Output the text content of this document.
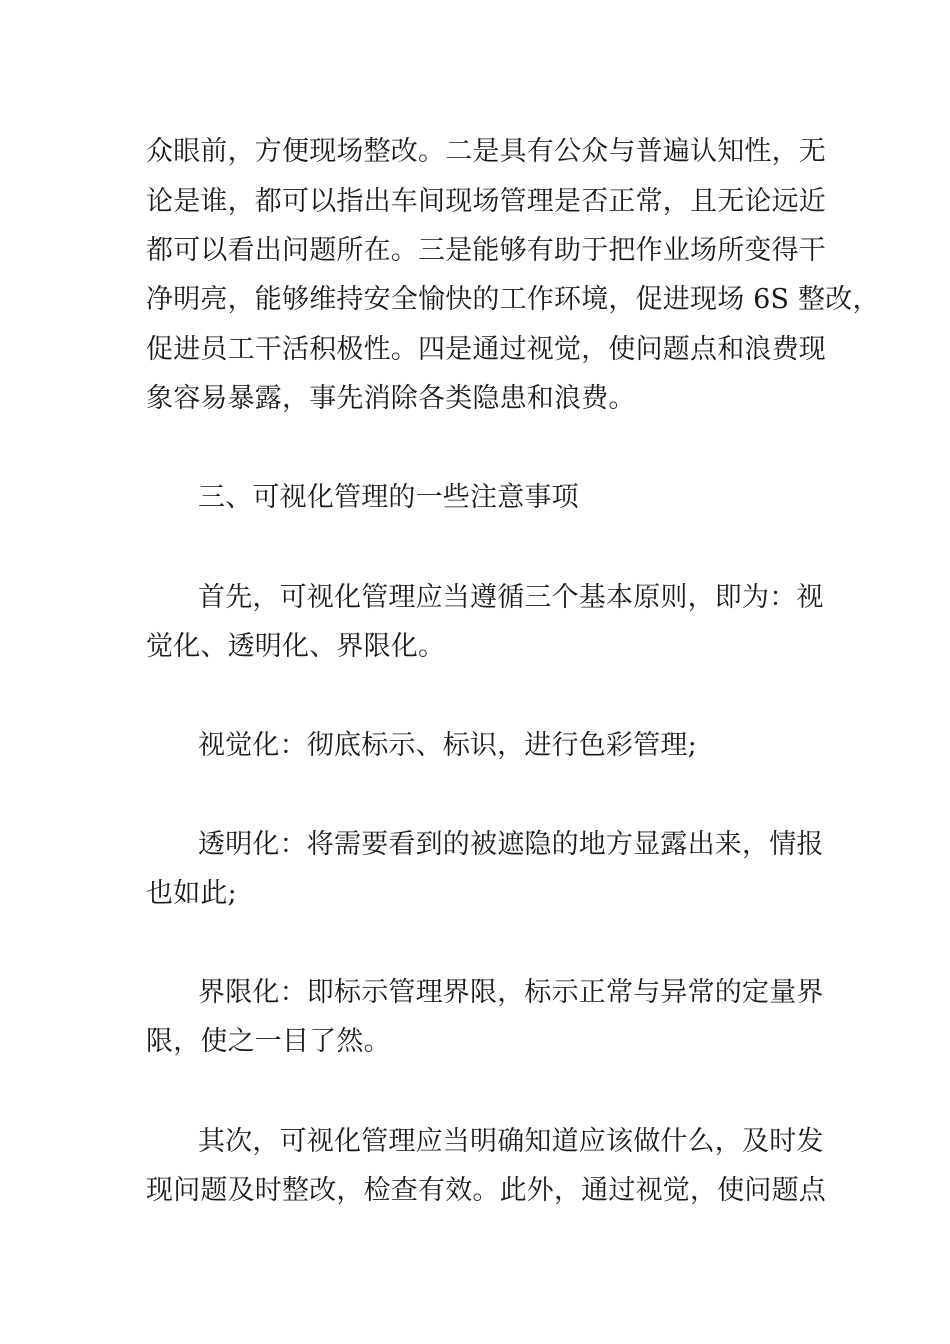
众眼前，方便现场整改。二是具有公众与普遍认知性，无

论是谁，都可以指出车间现场管理是否正常，且无论远近

都可以看出问题所在。三是能够有助于把作业场所变得干

净明亮，能够维持安全愉快的工作环境，促进现场 6S 整改，

促进员工干活积极性。四是通过视觉，使问题点和浪费现

象容易暴露，事先消除各类隐患和浪费。

三、可视化管理的一些注意事项

首先，可视化管理应当遵循三个基本原则，即为：视

觉化、透明化、界限化。

视觉化：彻底标示、标识，进行色彩管理;

透明化：将需要看到的被遮隐的地方显露出来，情报

也如此;

界限化：即标示管理界限，标示正常与异常的定量界

限，使之一目了然。

其次，可视化管理应当明确知道应该做什么，及时发

现问题及时整改，检查有效。此外，通过视觉，使问题点
